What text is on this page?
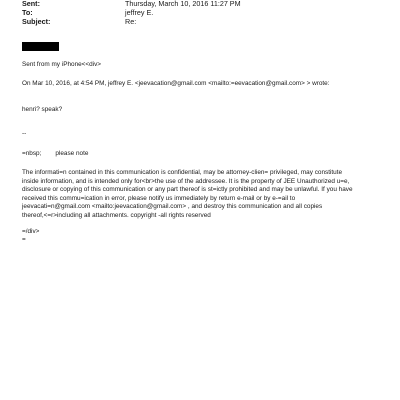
Sent:	Thursday, March 10, 2016 11:27 PM
To:	jeffrey E.
Subject:	Re:
Sent from my iPhone<<div>
On Mar 10, 2016, at 4:54 PM, jeffrey E. <jeevacation@gmail.com <mailto:=eevacation@gmail.com> > wrote:
henri? speak?
--
=nbsp; please note
The informati=n contained in this communication is confidential, may be attorney-clien= privileged, may constitute
inside information, and is intended only for<br>the use of the addressee. It is the property of JEE Unauthorized u=e,
disclosure or copying of this communication or any part thereof is st=ictly prohibited and may be unlawful. If you have
received this commu=ication in error, please notify us immediately by return e-mail or by e-=ail to
jeevacati=n@gmail.com <mailto:jeevacation@gmail.com> , and destroy this communication and all copies
thereof,<=r>including all attachments. copyright -all rights reserved
=/div>
=
